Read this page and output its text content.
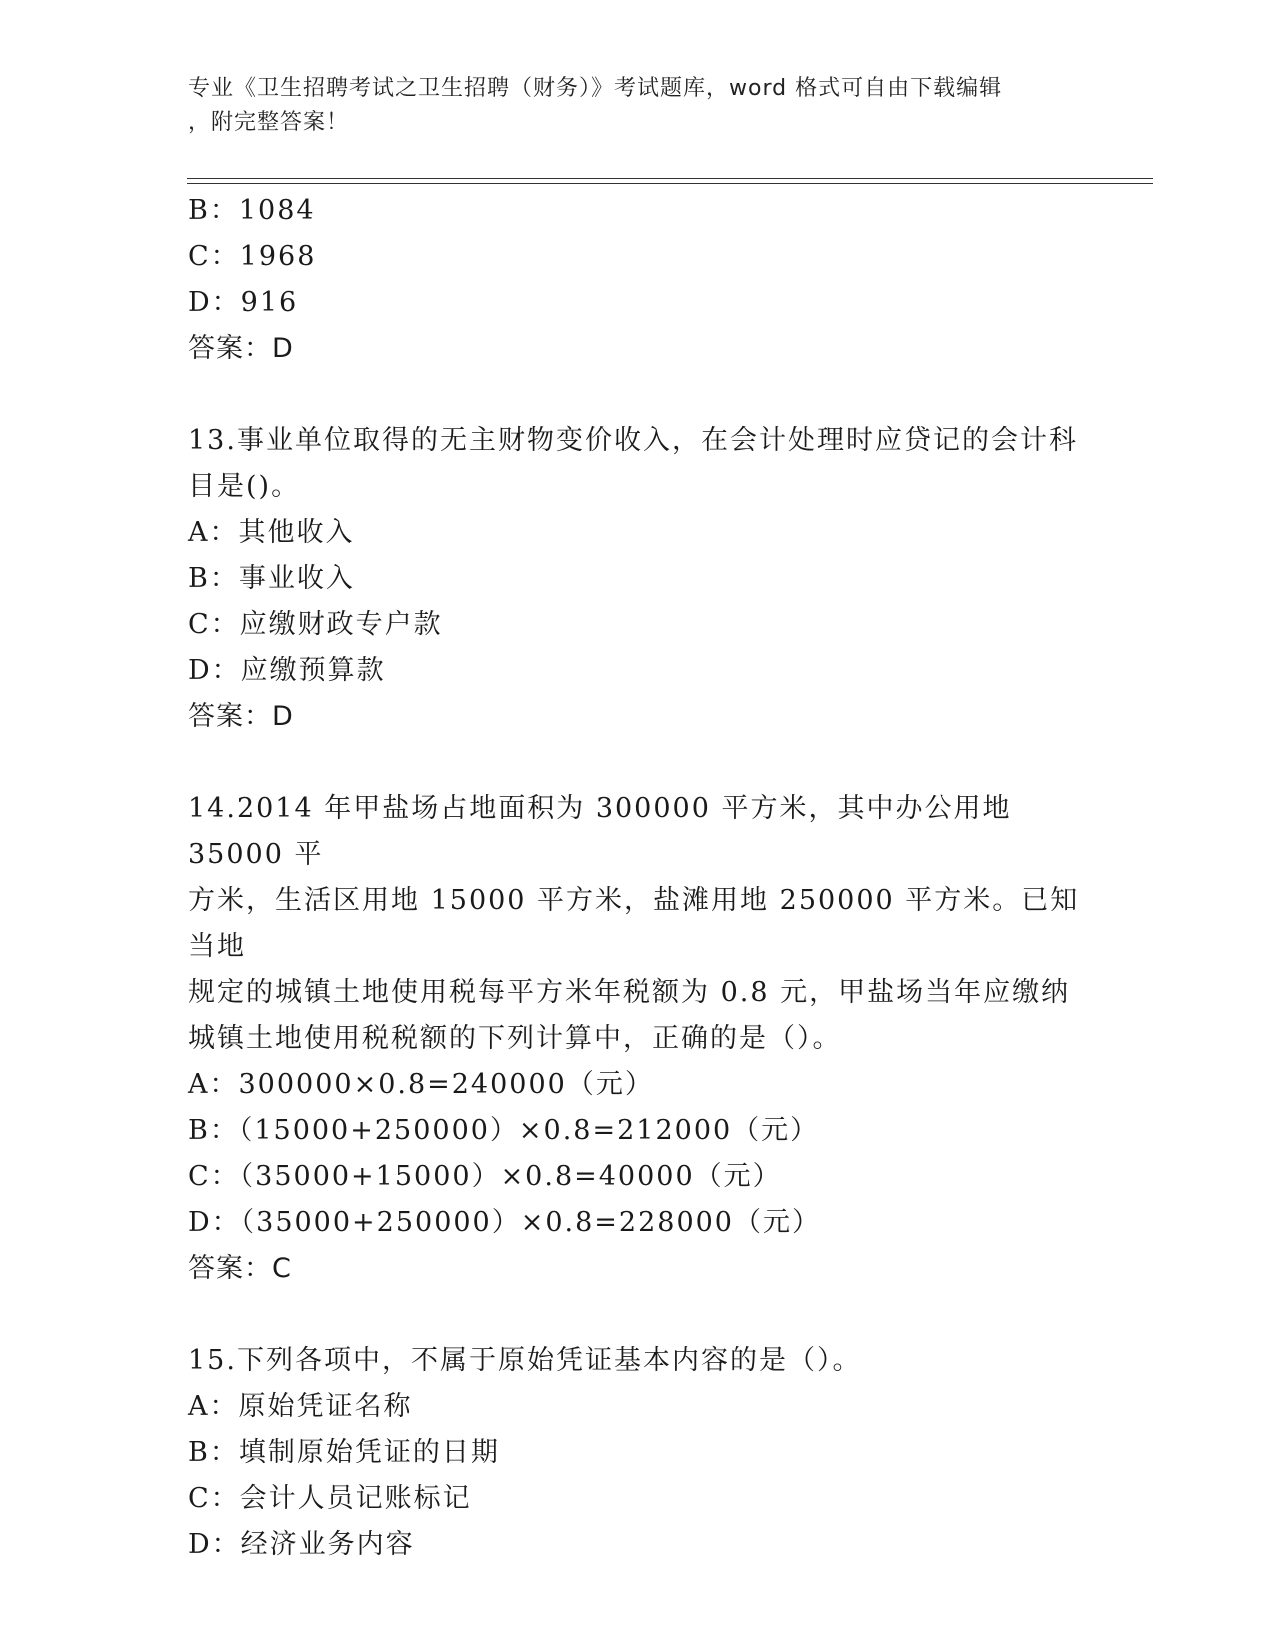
专业《卫生招聘考试之卫生招聘（财务）》考试题库，word 格式可自由下载编辑
，附完整答案！
B：1084
C：1968
D：916
答案：D
13.事业单位取得的无主财物变价收入，在会计处理时应贷记的会计科
目是()。
A：其他收入
B：事业收入
C：应缴财政专户款
D：应缴预算款
答案：D
14.2014 年甲盐场占地面积为 300000 平方米，其中办公用地 35000 平
方米，生活区用地 15000 平方米，盐滩用地 250000 平方米。已知当地
规定的城镇土地使用税每平方米年税额为 0.8 元，甲盐场当年应缴纳
城镇土地使用税税额的下列计算中，正确的是（）。
A：300000×0.8=240000（元）
B：（15000+250000）×0.8=212000（元）
C：（35000+15000）×0.8=40000（元）
D：（35000+250000）×0.8=228000（元）
答案：C
15.下列各项中，不属于原始凭证基本内容的是（）。
A：原始凭证名称
B：填制原始凭证的日期
C：会计人员记账标记
D：经济业务内容
